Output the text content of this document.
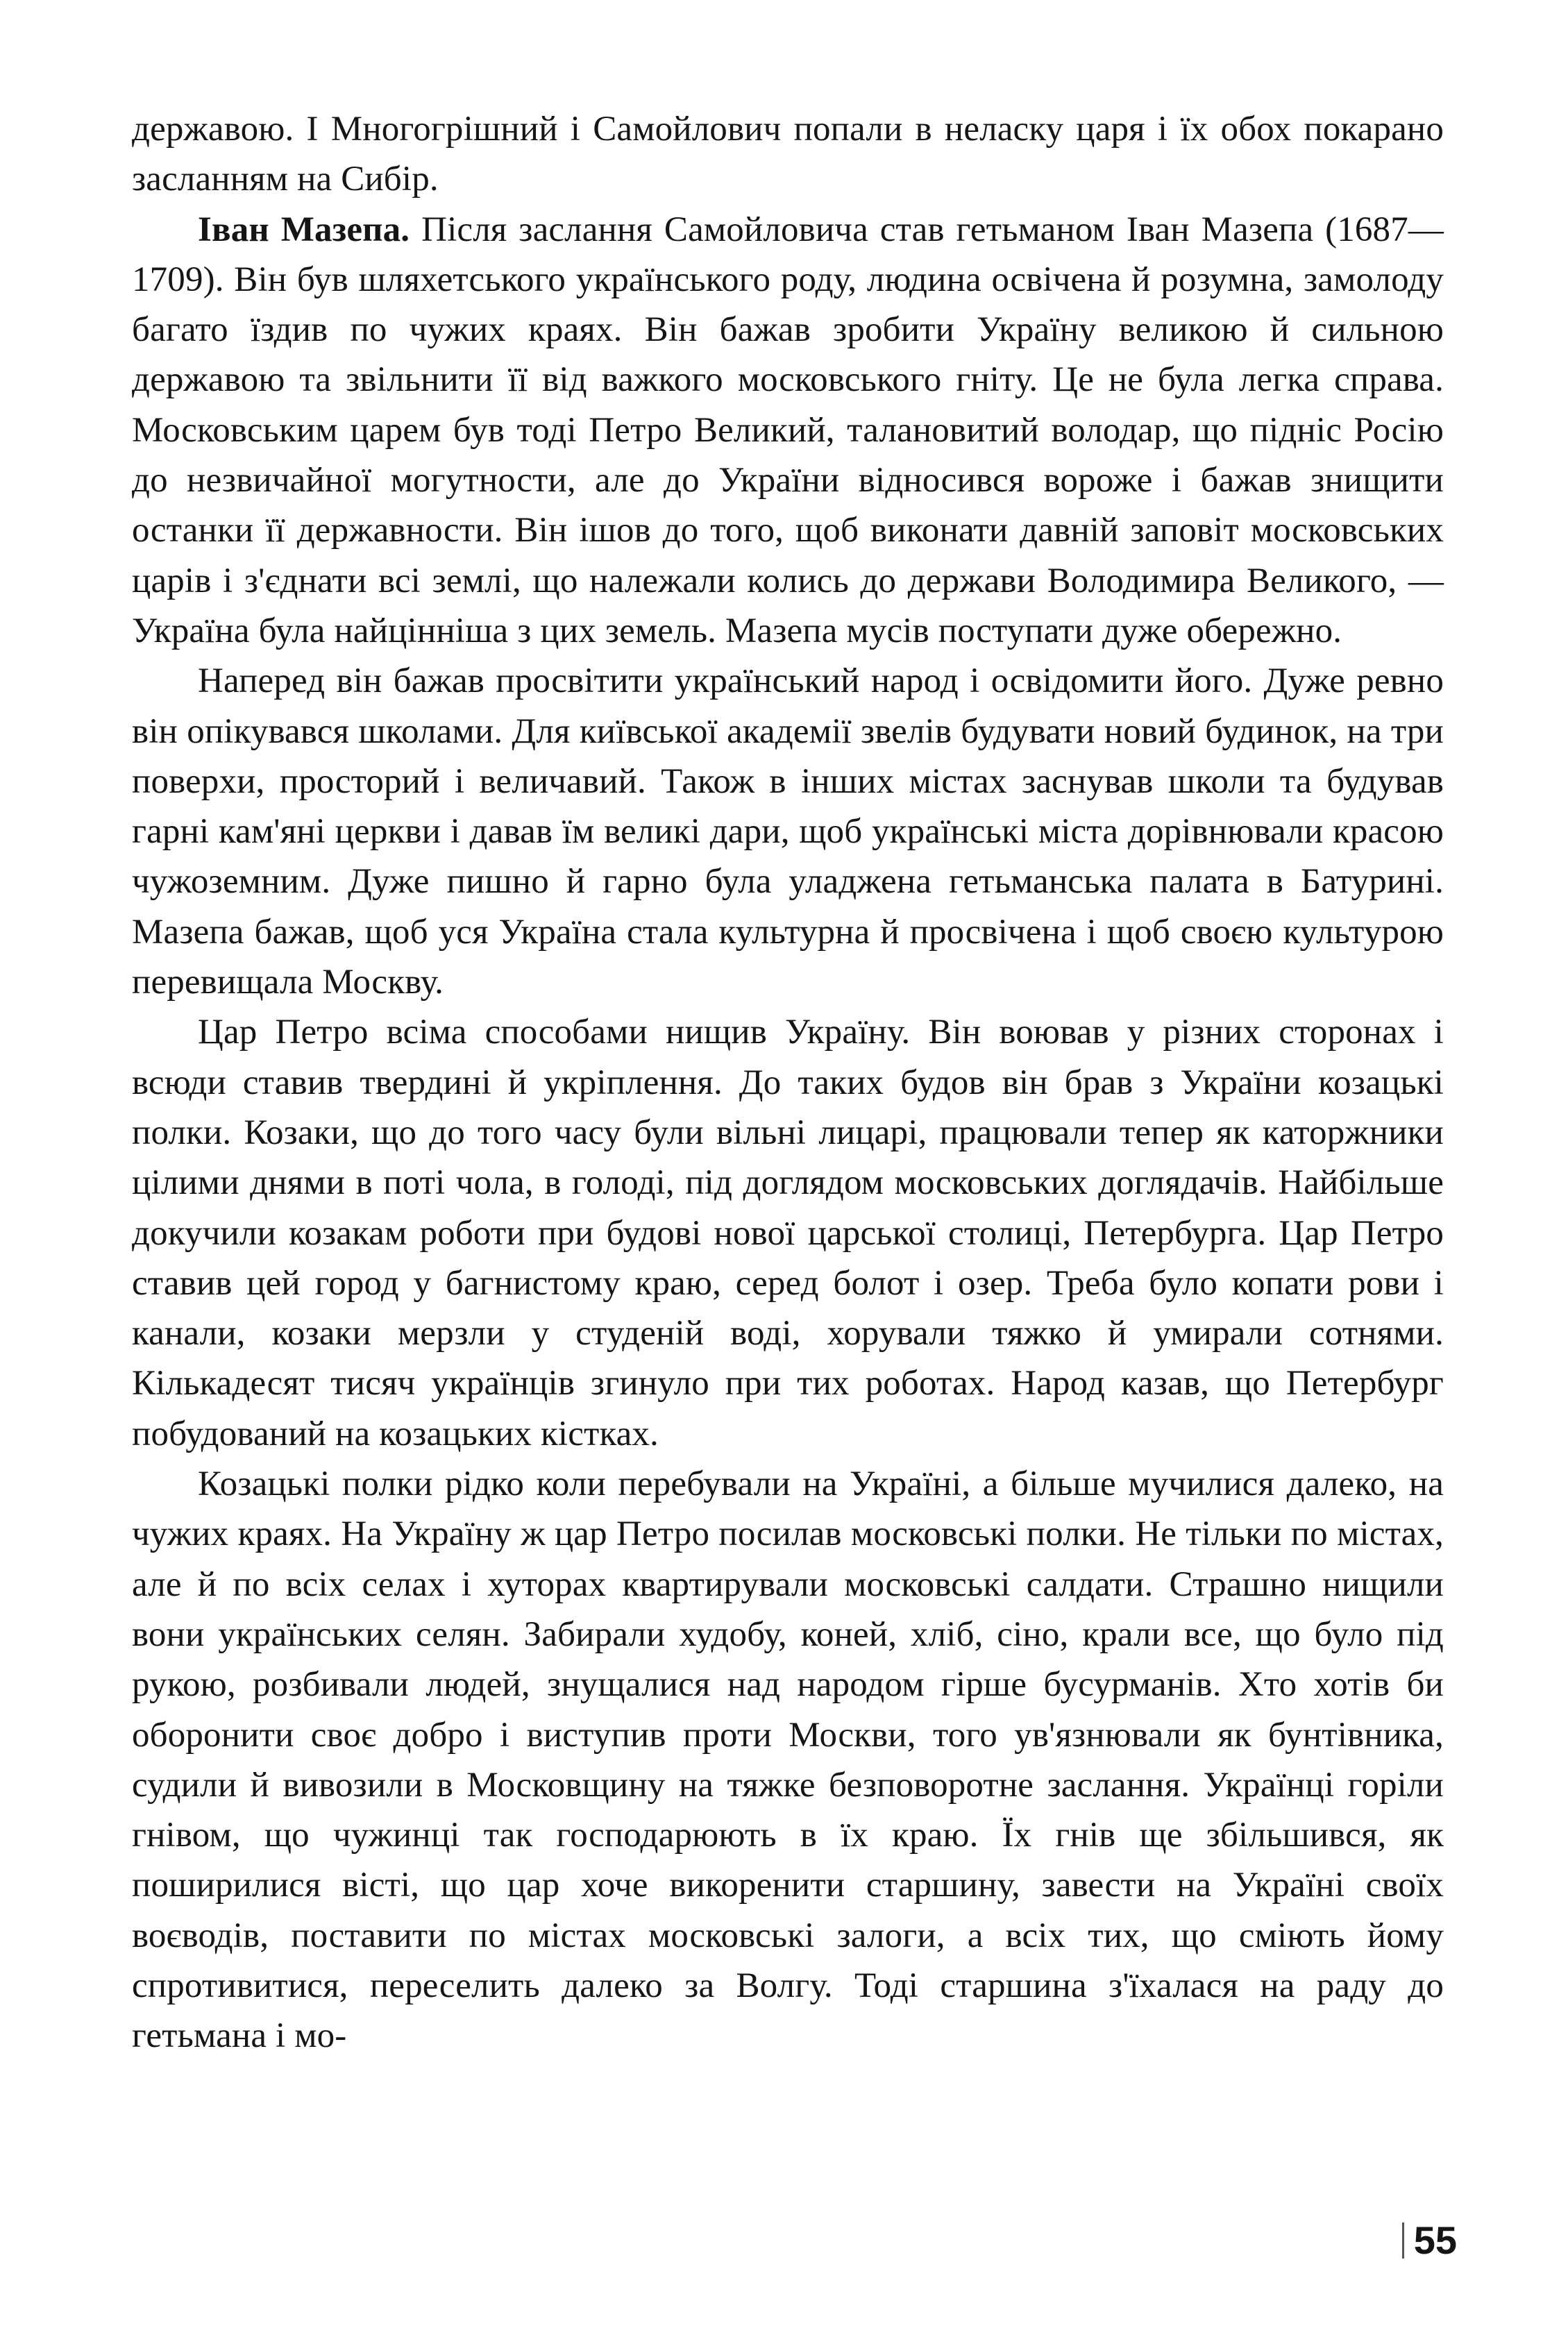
державою. І Многогрішний і Самойлович попали в неласку царя і їх обох покарано засланням на Сибір.

Іван Мазепа. Після заслання Самойловича став гетьманом Іван Мазепа (1687—1709). Він був шляхетського українського роду, людина освічена й розумна, замолоду багато їздив по чужих краях. Він бажав зробити Україну великою й сильною державою та звільнити її від важкого московського гніту. Це не була легка справа. Московським царем був тоді Петро Великий, талановитий володар, що підніс Росію до незвичайної могутности, але до України відносився вороже і бажав знищити останки її державности. Він ішов до того, щоб виконати давній заповіт московських царів і з'єднати всі землі, що належали колись до держави Володимира Великого, — Україна була найцінніша з цих земель. Мазепа мусів поступати дуже обережно.

Наперед він бажав просвітити український народ і освідомити його. Дуже ревно він опікувався школами. Для київської академії звелів будувати новий будинок, на три поверхи, просторий і величавий. Також в інших містах заснував школи та будував гарні кам'яні церкви і давав їм великі дари, щоб українські міста дорівнювали красою чужоземним. Дуже пишно й гарно була уладжена гетьманська палата в Батурині. Мазепа бажав, щоб уся Україна стала культурна й просвічена і щоб своєю культурою перевищала Москву.

Цар Петро всіма способами нищив Україну. Він воював у різних сторонах і всюди ставив твердині й укріплення. До таких будов він брав з України козацькі полки. Козаки, що до того часу були вільні лицарі, працювали тепер як каторжники цілими днями в поті чола, в голоді, під доглядом московських доглядачів. Найбільше докучили козакам роботи при будові нової царської столиці, Петербурга. Цар Петро ставив цей город у багнистому краю, серед болот і озер. Треба було копати рови і канали, козаки мерзли у студеній воді, хорували тяжко й умирали сотнями. Кількадесят тисяч українців згинуло при тих роботах. Народ казав, що Петербург побудований на козацьких кістках.

Козацькі полки рідко коли перебували на Україні, а більше мучилися далеко, на чужих краях. На Україну ж цар Петро посилав московські полки. Не тільки по містах, але й по всіх селах і хуторах квартирували московські салдати. Страшно нищили вони українських селян. Забирали худобу, коней, хліб, сіно, крали все, що було під рукою, розбивали людей, знущалися над народом гірше бусурманів. Хто хотів би оборонити своє добро і виступив проти Москви, того ув'язнювали як бунтівника, судили й вивозили в Московщину на тяжке безповоротне заслання. Українці горіли гнівом, що чужинці так господарюють в їх краю. Їх гнів ще збільшився, як поширилися вісті, що цар хоче викоренити старшину, завести на Україні своїх воєводів, поставити по містах московські залоги, а всіх тих, що сміють йому спротивитися, переселить далеко за Волгу. Тоді старшина з'їхалася на раду до гетьмана і мо-

55
